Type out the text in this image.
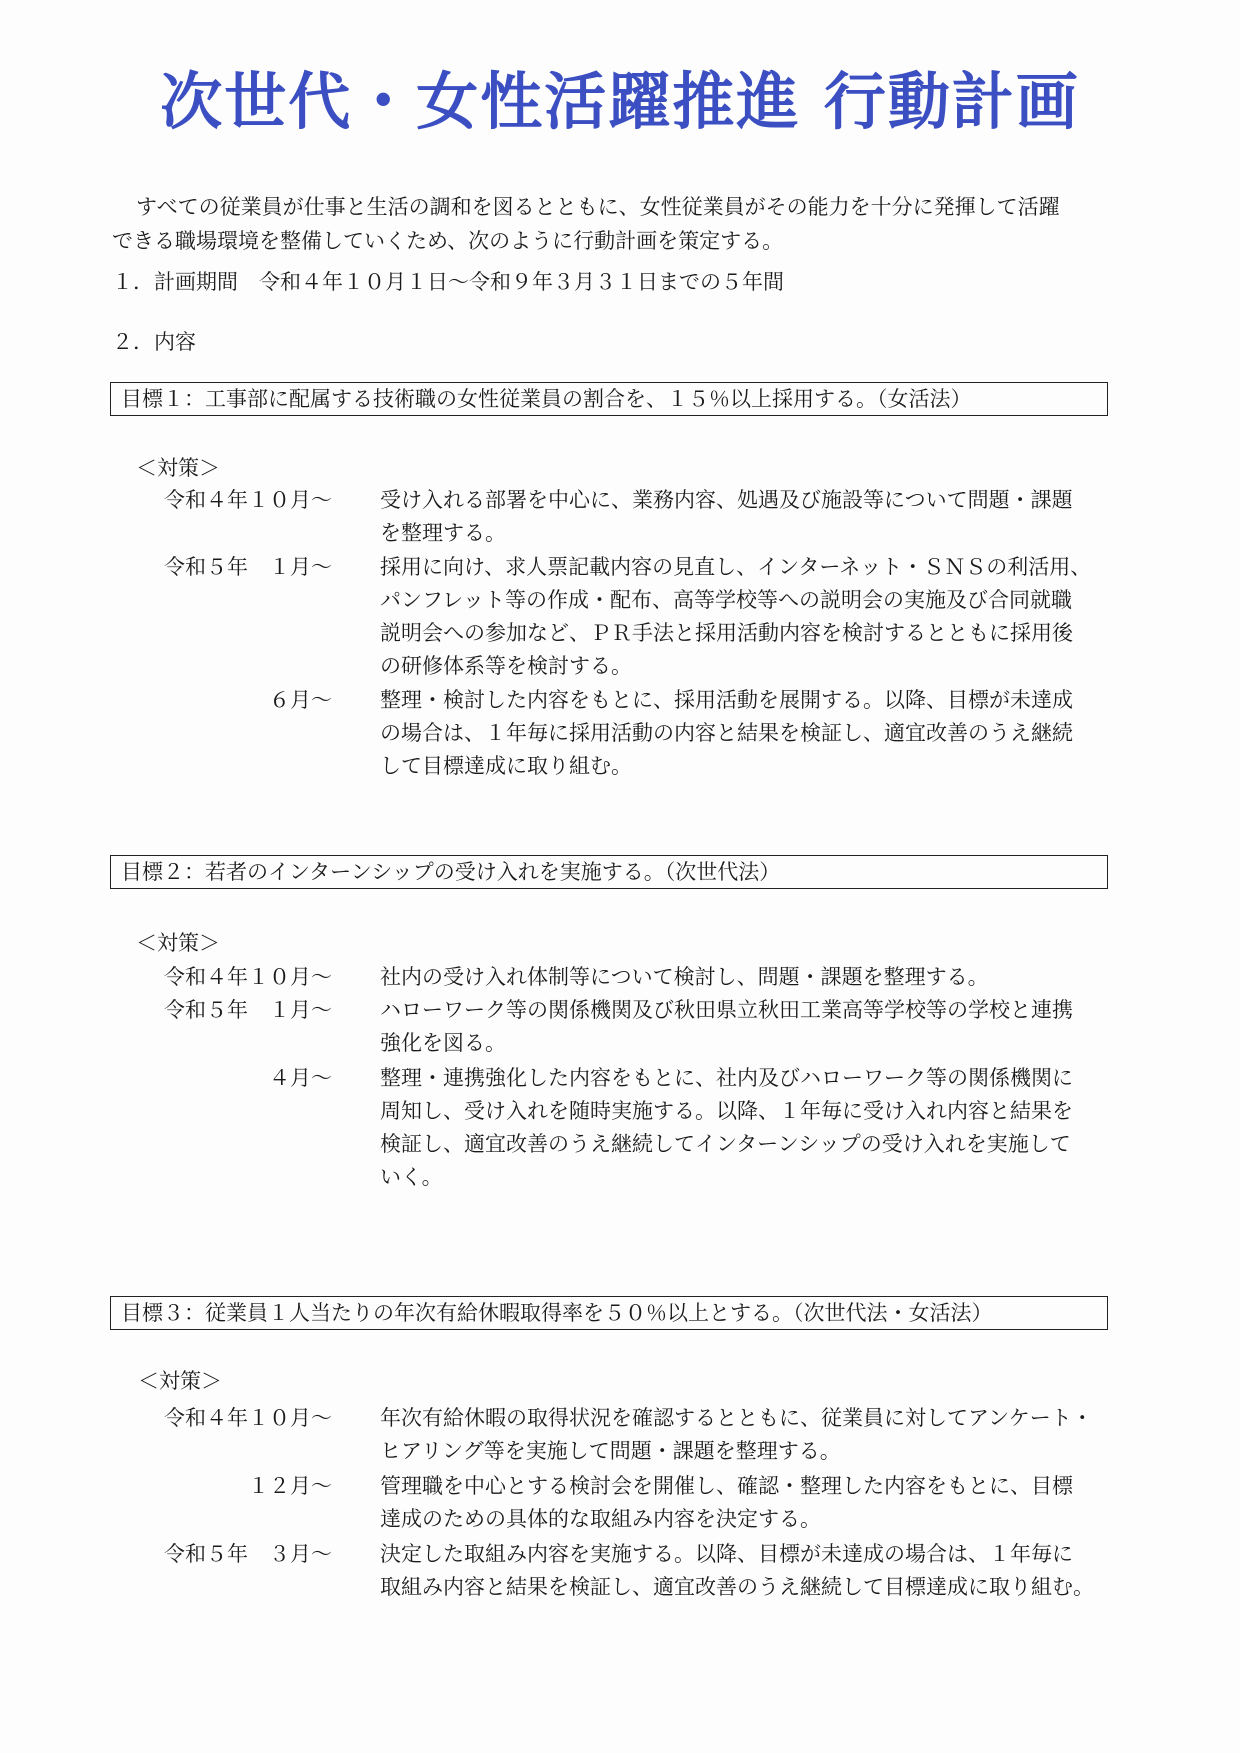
次世代・女性活躍推進 行動計画
すべての従業員が仕事と生活の調和を図るとともに、女性従業員がその能力を十分に発揮して活躍
できる職場環境を整備していくため、次のように行動計画を策定する。
１．計画期間　令和４年１０月１日～令和９年３月３１日までの５年間
２．内容
目標１：工事部に配属する技術職の女性従業員の割合を、１５％以上採用する。（女活法）
＜対策＞
令和４年１０月～ 受け入れる部署を中心に、業務内容、処遇及び施設等について問題・課題
を整理する。
令和５年　１月～ 採用に向け、求人票記載内容の見直し、インターネット・ＳＮＳの利活用、
パンフレット等の作成・配布、高等学校等への説明会の実施及び合同就職
説明会への参加など、ＰＲ手法と採用活動内容を検討するとともに採用後
の研修体系等を検討する。
６月～ 整理・検討した内容をもとに、採用活動を展開する。以降、目標が未達成
の場合は、１年毎に採用活動の内容と結果を検証し、適宜改善のうえ継続
して目標達成に取り組む。
目標２：若者のインターンシップの受け入れを実施する。（次世代法）
＜対策＞
令和４年１０月～ 社内の受け入れ体制等について検討し、問題・課題を整理する。
令和５年　１月～ ハローワーク等の関係機関及び秋田県立秋田工業高等学校等の学校と連携
強化を図る。
４月～ 整理・連携強化した内容をもとに、社内及びハローワーク等の関係機関に
周知し、受け入れを随時実施する。以降、１年毎に受け入れ内容と結果を
検証し、適宜改善のうえ継続してインターンシップの受け入れを実施して
いく。
目標３：従業員１人当たりの年次有給休暇取得率を５０％以上とする。（次世代法・女活法）
＜対策＞
令和４年１０月～ 年次有給休暇の取得状況を確認するとともに、従業員に対してアンケート・
ヒアリング等を実施して問題・課題を整理する。
１２月～ 管理職を中心とする検討会を開催し、確認・整理した内容をもとに、目標
達成のための具体的な取組み内容を決定する。
令和５年　３月～ 決定した取組み内容を実施する。以降、目標が未達成の場合は、１年毎に
取組み内容と結果を検証し、適宜改善のうえ継続して目標達成に取り組む。
